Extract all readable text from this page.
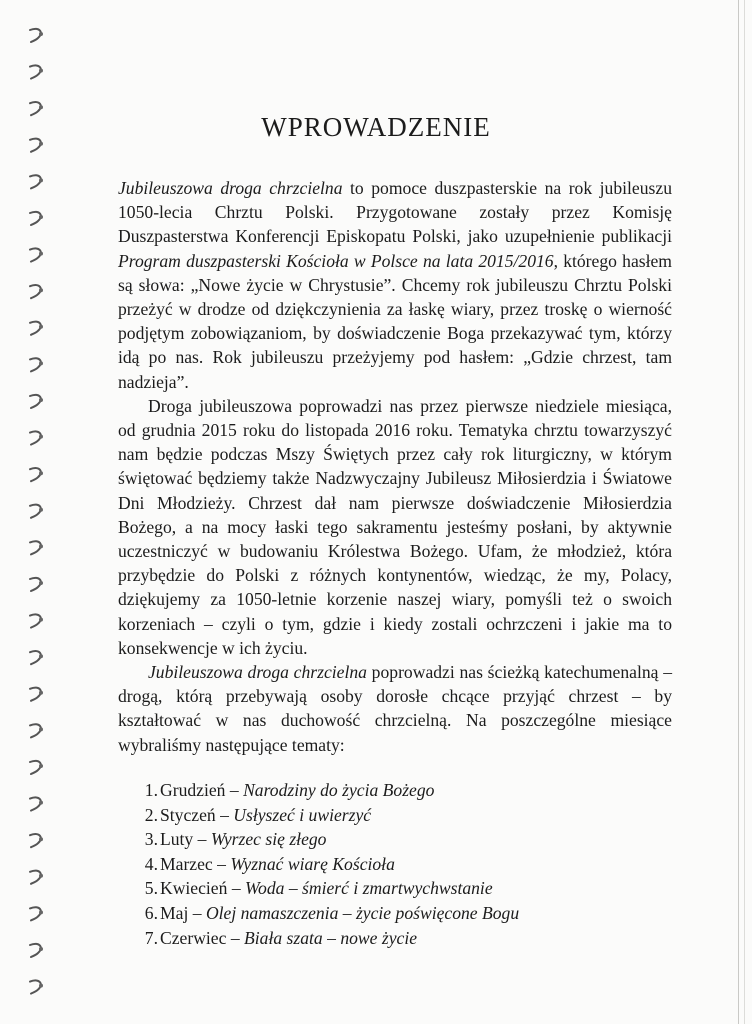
WPROWADZENIE

Jubileuszowa droga chrzcielna to pomoce duszpasterskie na rok jubileuszu 1050-lecia Chrztu Polski. Przygotowane zostały przez Komisję Duszpasterstwa Konferencji Episkopatu Polski, jako uzupełnienie publikacji Program duszpasterski Kościoła w Polsce na lata 2015/2016, którego hasłem są słowa: „Nowe życie w Chrystusie”. Chcemy rok jubileuszu Chrztu Polski przeżyć w drodze od dziękczynienia za łaskę wiary, przez troskę o wierność podjętym zobowiązaniom, by doświadczenie Boga przekazywać tym, którzy idą po nas. Rok jubileuszu przeżyjemy pod hasłem: „Gdzie chrzest, tam nadzieja”.

Droga jubileuszowa poprowadzi nas przez pierwsze niedziele miesiąca, od grudnia 2015 roku do listopada 2016 roku. Tematyka chrztu towarzyszyć nam będzie podczas Mszy Świętych przez cały rok liturgiczny, w którym świętować będziemy także Nadzwyczajny Jubileusz Miłosierdzia i Światowe Dni Młodzieży. Chrzest dał nam pierwsze doświadczenie Miłosierdzia Bożego, a na mocy łaski tego sakramentu jesteśmy posłani, by aktywnie uczestniczyć w budowaniu Królestwa Bożego. Ufam, że młodzież, która przybędzie do Polski z różnych kontynentów, wiedząc, że my, Polacy, dziękujemy za 1050-letnie korzenie naszej wiary, pomyśli też o swoich korzeniach – czyli o tym, gdzie i kiedy zostali ochrzczeni i jakie ma to konsekwencje w ich życiu.

Jubileuszowa droga chrzcielna poprowadzi nas ścieżką katechumenalną – drogą, którą przebywają osoby dorosłe chcące przyjąć chrzest – by kształtować w nas duchowość chrzcielną. Na poszczególne miesiące wybraliśmy następujące tematy:

1. Grudzień – Narodziny do życia Bożego
2. Styczeń – Usłyszeć i uwierzyć
3. Luty – Wyrzec się złego
4. Marzec – Wyznać wiarę Kościoła
5. Kwiecień – Woda – śmierć i zmartwychwstanie
6. Maj – Olej namaszczenia – życie poświęcone Bogu
7. Czerwiec – Biała szata – nowe życie
